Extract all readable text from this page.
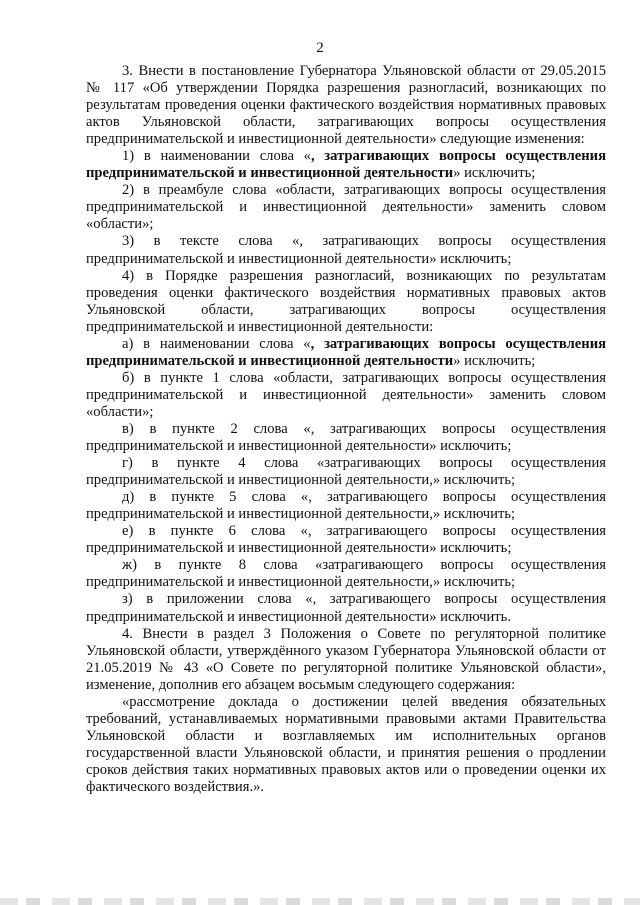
2

3. Внести в постановление Губернатора Ульяновской области от 29.05.2015 № 117 «Об утверждении Порядка разрешения разногласий, возникающих по результатам проведения оценки фактического воздействия нормативных правовых актов Ульяновской области, затрагивающих вопросы осуществления предпринимательской и инвестиционной деятельности» следующие изменения:

1) в наименовании слова «, затрагивающих вопросы осуществления предпринимательской и инвестиционной деятельности» исключить;

2) в преамбуле слова «области, затрагивающих вопросы осуществления предпринимательской и инвестиционной деятельности» заменить словом «области»;

3) в тексте слова «, затрагивающих вопросы осуществления предпринимательской и инвестиционной деятельности» исключить;

4) в Порядке разрешения разногласий, возникающих по результатам проведения оценки фактического воздействия нормативных правовых актов Ульяновской области, затрагивающих вопросы осуществления предпринимательской и инвестиционной деятельности:

а) в наименовании слова «, затрагивающих вопросы осуществления предпринимательской и инвестиционной деятельности» исключить;

б) в пункте 1 слова «области, затрагивающих вопросы осуществления предпринимательской и инвестиционной деятельности» заменить словом «области»;

в) в пункте 2 слова «, затрагивающих вопросы осуществления предпринимательской и инвестиционной деятельности» исключить;

г) в пункте 4 слова «затрагивающих вопросы осуществления предпринимательской и инвестиционной деятельности,» исключить;

д) в пункте 5 слова «, затрагивающего вопросы осуществления предпринимательской и инвестиционной деятельности,» исключить;

е) в пункте 6 слова «, затрагивающего вопросы осуществления предпринимательской и инвестиционной деятельности» исключить;

ж) в пункте 8 слова «затрагивающего вопросы осуществления предпринимательской и инвестиционной деятельности,» исключить;

з) в приложении слова «, затрагивающего вопросы осуществления предпринимательской и инвестиционной деятельности» исключить.

4. Внести в раздел 3 Положения о Совете по регуляторной политике Ульяновской области, утверждённого указом Губернатора Ульяновской области от 21.05.2019 № 43 «О Совете по регуляторной политике Ульяновской области», изменение, дополнив его абзацем восьмым следующего содержания:

«рассмотрение доклада о достижении целей введения обязательных требований, устанавливаемых нормативными правовыми актами Правительства Ульяновской области и возглавляемых им исполнительных органов государственной власти Ульяновской области, и принятия решения о продлении сроков действия таких нормативных правовых актов или о проведении оценки их фактического воздействия.».
